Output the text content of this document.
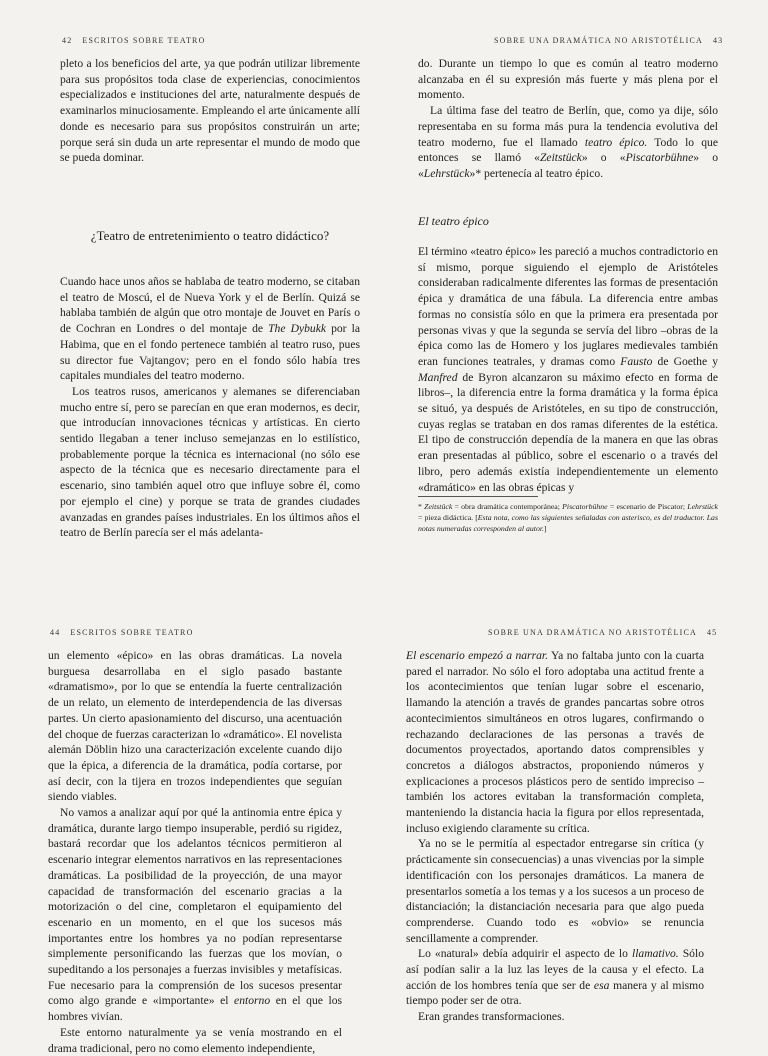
42 ESCRITOS SOBRE TEATRO

pleto a los beneficios del arte, ya que podrán utilizar libremente para sus propósitos toda clase de experiencias, conocimientos especializados e instituciones del arte, naturalmente después de examinarlos minuciosamente. Empleando el arte únicamente allí donde es necesario para sus propósitos construirán un arte; porque será sin duda un arte representar el mundo de modo que se pueda dominar.

¿Teatro de entretenimiento o teatro didáctico?

Cuando hace unos años se hablaba de teatro moderno, se citaban el teatro de Moscú, el de Nueva York y el de Berlín. Quizá se hablaba también de algún que otro montaje de Jouvet en París o de Cochran en Londres o del montaje de The Dybukk por la Habima, que en el fondo pertenece también al teatro ruso, pues su director fue Vajtangov; pero en el fondo sólo había tres capitales mundiales del teatro moderno.

Los teatros rusos, americanos y alemanes se diferenciaban mucho entre sí, pero se parecían en que eran modernos, es decir, que introducían innovaciones técnicas y artísticas. En cierto sentido llegaban a tener incluso semejanzas en lo estilístico, probablemente porque la técnica es internacional (no sólo ese aspecto de la técnica que es necesario directamente para el escenario, sino también aquel otro que influye sobre él, como por ejemplo el cine) y porque se trata de grandes ciudades avanzadas en grandes países industriales. En los últimos años el teatro de Berlín parecía ser el más adelanta-

SOBRE UNA DRAMÁTICA NO ARISTOTÉLICA 43

do. Durante un tiempo lo que es común al teatro moderno alcanzaba en él su expresión más fuerte y más plena por el momento.

La última fase del teatro de Berlín, que, como ya dije, sólo representaba en su forma más pura la tendencia evolutiva del teatro moderno, fue el llamado teatro épico. Todo lo que entonces se llamó «Zeitstück» o «Piscatorbühne» o «Lehrstück»* pertenecía al teatro épico.

El teatro épico

El término «teatro épico» les pareció a muchos contradictorio en sí mismo, porque siguiendo el ejemplo de Aristóteles consideraban radicalmente diferentes las formas de presentación épica y dramática de una fábula. La diferencia entre ambas formas no consistía sólo en que la primera era presentada por personas vivas y que la segunda se servía del libro –obras de la épica como las de Homero y los juglares medievales también eran funciones teatrales, y dramas como Fausto de Goethe y Manfred de Byron alcanzaron su máximo efecto en forma de libros–, la diferencia entre la forma dramática y la forma épica se situó, ya después de Aristóteles, en su tipo de construcción, cuyas reglas se trataban en dos ramas diferentes de la estética. El tipo de construcción dependía de la manera en que las obras eran presentadas al público, sobre el escenario o a través del libro, pero además existía independientemente un elemento «dramático» en las obras épicas y

* Zeitstück = obra dramática contemporánea; Piscatorbühne = escenario de Piscator; Lehrstück = pieza didáctica. [Esta nota, como las siguientes señaladas con asterisco, es del traductor. Las notas numeradas corresponden al autor.]

44 ESCRITOS SOBRE TEATRO

un elemento «épico» en las obras dramáticas. La novela burguesa desarrollaba en el siglo pasado bastante «dramatismo», por lo que se entendía la fuerte centralización de un relato, un elemento de interdependencia de las diversas partes. Un cierto apasionamiento del discurso, una acentuación del choque de fuerzas caracterizan lo «dramático». El novelista alemán Döblin hizo una caracterización excelente cuando dijo que la épica, a diferencia de la dramática, podía cortarse, por así decir, con la tijera en trozos independientes que seguían siendo viables.

No vamos a analizar aquí por qué la antinomia entre épica y dramática, durante largo tiempo insuperable, perdió su rigidez, bastará recordar que los adelantos técnicos permitieron al escenario integrar elementos narrativos en las representaciones dramáticas. La posibilidad de la proyección, de una mayor capacidad de transformación del escenario gracias a la motorización o del cine, completaron el equipamiento del escenario en un momento, en el que los sucesos más importantes entre los hombres ya no podían representarse simplemente personificando las fuerzas que los movían, o supeditando a los personajes a fuerzas invisibles y metafísicas. Fue necesario para la comprensión de los sucesos presentar como algo grande e «importante» el entorno en el que los hombres vivían.

Este entorno naturalmente ya se venía mostrando en el drama tradicional, pero no como elemento independiente,

SOBRE UNA DRAMÁTICA NO ARISTOTÉLICA 45

El escenario empezó a narrar. Ya no faltaba junto con la cuarta pared el narrador. No sólo el foro adoptaba una actitud frente a los acontecimientos que tenían lugar sobre el escenario, llamando la atención a través de grandes pancartas sobre otros acontecimientos simultáneos en otros lugares, confirmando o rechazando declaraciones de las personas a través de documentos proyectados, aportando datos comprensibles y concretos a diálogos abstractos, proponiendo números y explicaciones a procesos plásticos pero de sentido impreciso –también los actores evitaban la transformación completa, manteniendo la distancia hacia la figura por ellos representada, incluso exigiendo claramente su crítica.

Ya no se le permitía al espectador entregarse sin crítica (y prácticamente sin consecuencias) a unas vivencias por la simple identificación con los personajes dramáticos. La manera de presentarlos sometía a los temas y a los sucesos a un proceso de distanciación; la distanciación necesaria para que algo pueda comprenderse. Cuando todo es «obvio» se renuncia sencillamente a comprender.

Lo «natural» debía adquirir el aspecto de lo llamativo. Sólo así podían salir a la luz las leyes de la causa y el efecto. La acción de los hombres tenía que ser de esa manera y al mismo tiempo poder ser de otra.

Eran grandes transformaciones.
